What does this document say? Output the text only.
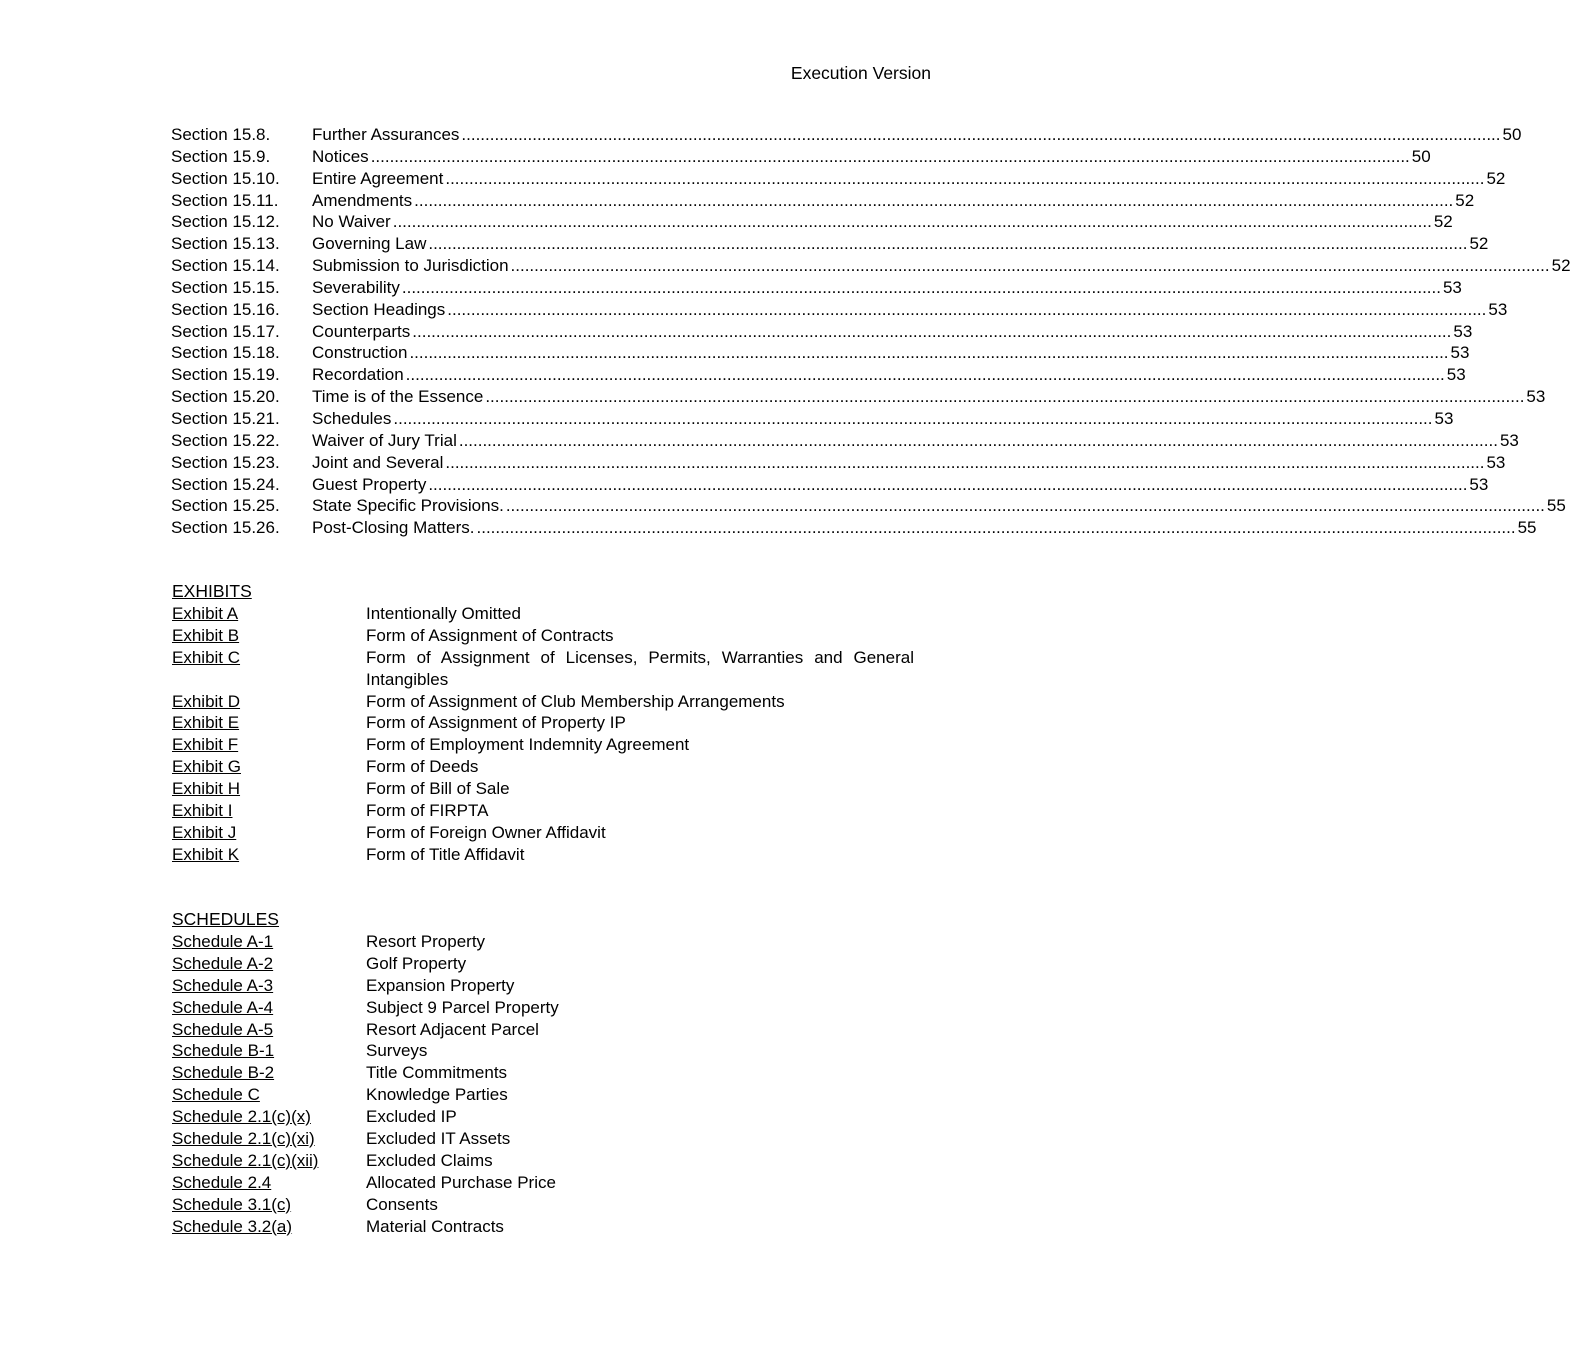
Execution Version
Section 15.8.	Further Assurances ............................................................................................................................................................................................................................ 50
Section 15.9.	Notices ............................................................................................................................................................................................................................ 50
Section 15.10.	Entire Agreement ............................................................................................................................................................................................................................ 52
Section 15.11.	Amendments ............................................................................................................................................................................................................................ 52
Section 15.12.	No Waiver ............................................................................................................................................................................................................................ 52
Section 15.13.	Governing Law ............................................................................................................................................................................................................................ 52
Section 15.14.	Submission to Jurisdiction ............................................................................................................................................................................................................................ 52
Section 15.15.	Severability ............................................................................................................................................................................................................................ 53
Section 15.16.	Section Headings ............................................................................................................................................................................................................................ 53
Section 15.17.	Counterparts ............................................................................................................................................................................................................................ 53
Section 15.18.	Construction ............................................................................................................................................................................................................................ 53
Section 15.19.	Recordation ............................................................................................................................................................................................................................ 53
Section 15.20.	Time is of the Essence ............................................................................................................................................................................................................................ 53
Section 15.21.	Schedules ............................................................................................................................................................................................................................ 53
Section 15.22.	Waiver of Jury Trial ............................................................................................................................................................................................................................ 53
Section 15.23.	Joint and Several ............................................................................................................................................................................................................................ 53
Section 15.24.	Guest Property ............................................................................................................................................................................................................................ 53
Section 15.25.	State Specific Provisions. ............................................................................................................................................................................................................................ 55
Section 15.26.	Post-Closing Matters. ............................................................................................................................................................................................................................ 55
EXHIBITS
Exhibit A	Intentionally Omitted
Exhibit B	Form of Assignment of Contracts
Exhibit C	Form of Assignment of Licenses, Permits, Warranties and General Intangibles
Exhibit D	Form of Assignment of Club Membership Arrangements
Exhibit E	Form of Assignment of Property IP
Exhibit F	Form of Employment Indemnity Agreement
Exhibit G	Form of Deeds
Exhibit H	Form of Bill of Sale
Exhibit I	Form of FIRPTA
Exhibit J	Form of Foreign Owner Affidavit
Exhibit K	Form of Title Affidavit
SCHEDULES
Schedule A-1	Resort Property
Schedule A-2	Golf Property
Schedule A-3	Expansion Property
Schedule A-4	Subject 9 Parcel Property
Schedule A-5	Resort Adjacent Parcel
Schedule B-1	Surveys
Schedule B-2	Title Commitments
Schedule C	Knowledge Parties
Schedule 2.1(c)(x)	Excluded IP
Schedule 2.1(c)(xi)	Excluded IT Assets
Schedule 2.1(c)(xii)	Excluded Claims
Schedule 2.4	Allocated Purchase Price
Schedule 3.1(c)	Consents
Schedule 3.2(a)	Material Contracts
